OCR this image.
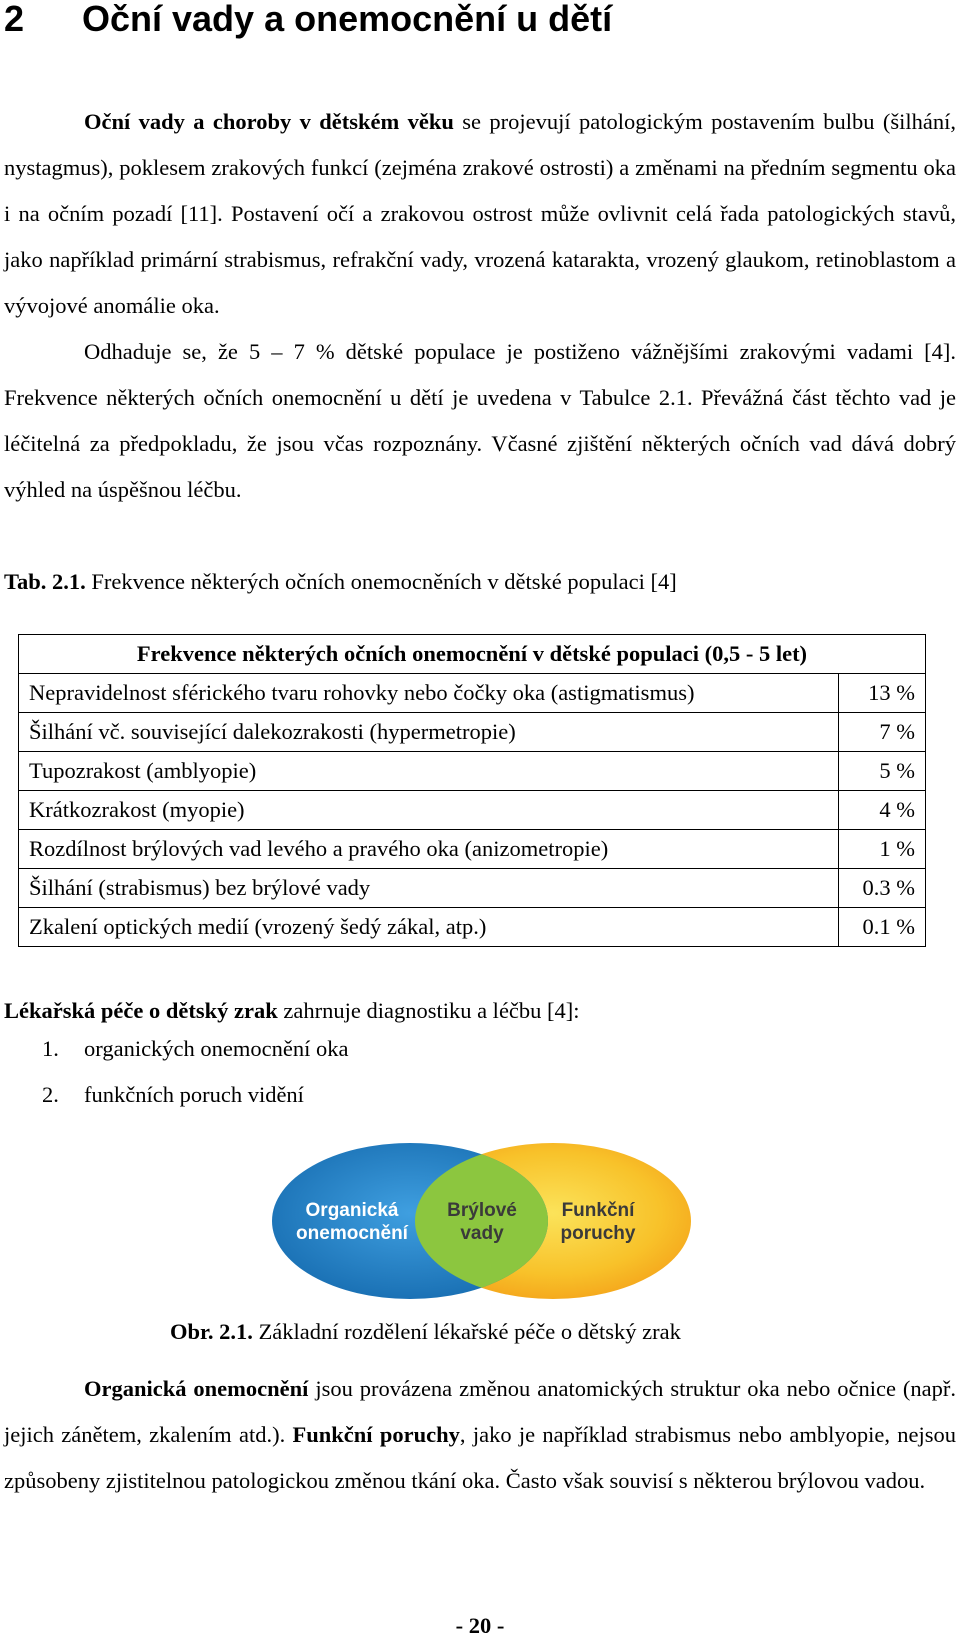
2 Oční vady a onemocnění u dětí

Oční vady a choroby v dětském věku se projevují patologickým postavením bulbu (šilhání, nystagmus), poklesem zrakových funkcí (zejména zrakové ostrosti) a změnami na předním segmentu oka i na očním pozadí [11]. Postavení očí a zrakovou ostrost může ovlivnit celá řada patologických stavů, jako například primární strabismus, refrakční vady, vrozená katarakta, vrozený glaukom, retinoblastom a vývojové anomálie oka.

Odhaduje se, že 5 – 7 % dětské populace je postiženo vážnějšími zrakovými vadami [4]. Frekvence některých očních onemocnění u dětí je uvedena v Tabulce 2.1. Převážná část těchto vad je léčitelná za předpokladu, že jsou včas rozpoznány. Včasné zjištění některých očních vad dává dobrý výhled na úspěšnou léčbu.

Tab. 2.1. Frekvence některých očních onemocněních v dětské populaci [4]
Frekvence některých očních onemocnění v dětské populaci (0,5 - 5 let)	
Nepravidelnost sférického tvaru rohovky nebo čočky oka (astigmatismus)	13 %
Šilhání vč. související dalekozrakosti (hypermetropie)	7 %
Tupozrakost (amblyopie)	5 %
Krátkozrakost (myopie)	4 %
Rozdílnost brýlových vad levého a pravého oka (anizometropie)	1 %
Šilhání (strabismus) bez brýlové vady	0.3 %
Zkalení optických medií (vrozený šedý zákal, atp.)	0.1 %
Lékařská péče o dětský zrak zahrnuje diagnostiku a léčbu [4]:
1. organických onemocnění oka
2. funkčních poruch vidění
Organická
onemocnění
Brýlové
vady
Funkční
poruchy
Obr. 2.1. Základní rozdělení lékařské péče o dětský zrak

Organická onemocnění jsou provázena změnou anatomických struktur oka nebo očnice (např. jejich zánětem, zkalením atd.). Funkční poruchy, jako je například strabismus nebo amblyopie, nejsou způsobeny zjistitelnou patologickou změnou tkání oka. Často však souvisí s některou brýlovou vadou.

- 20 -
